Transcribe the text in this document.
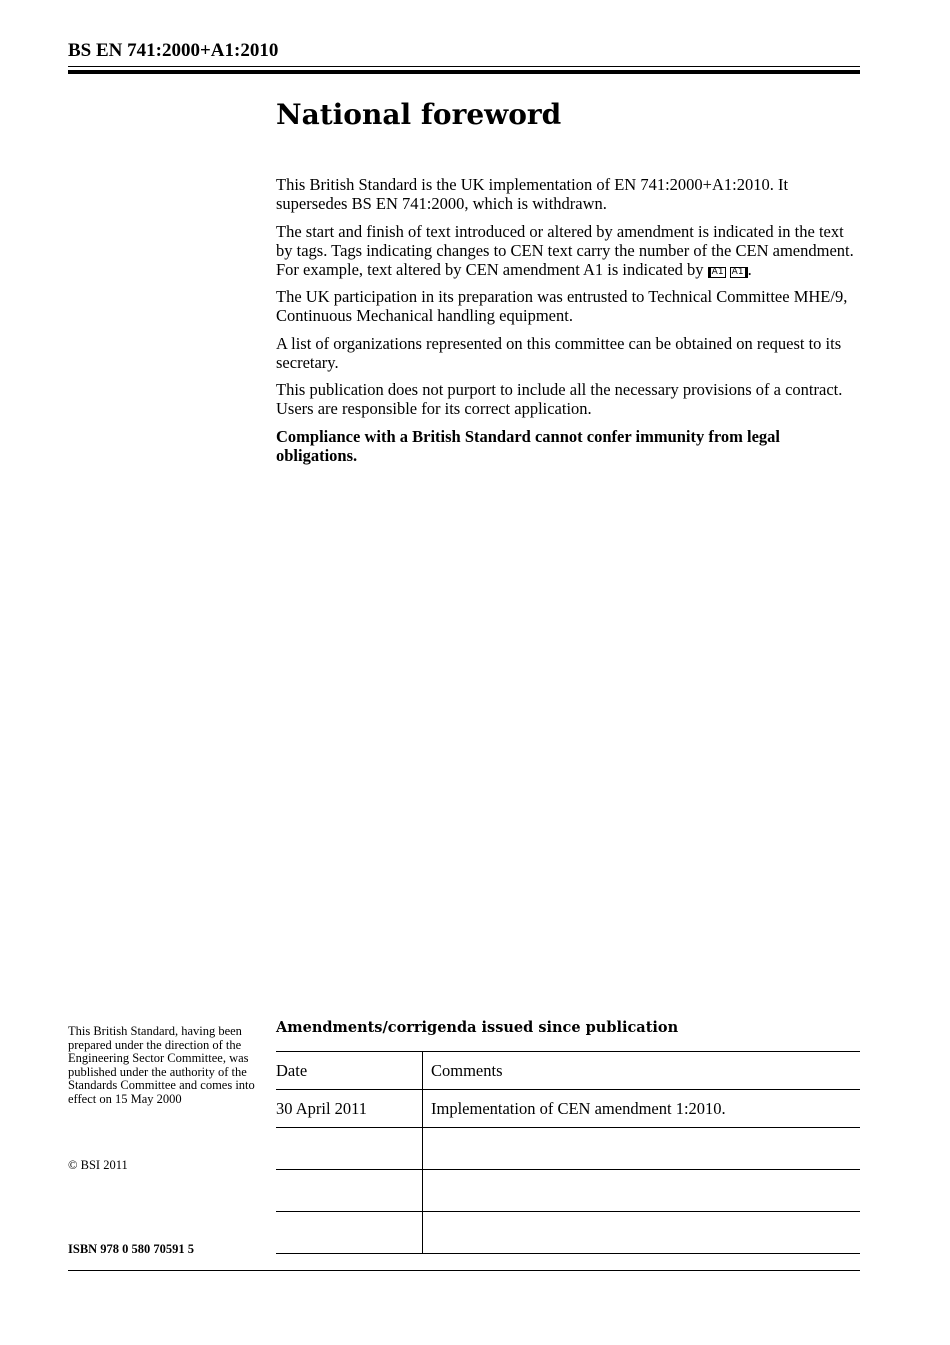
BS EN 741:2000+A1:2010
National foreword

This British Standard is the UK implementation of EN 741:2000+A1:2010. It supersedes BS EN 741:2000, which is withdrawn.

The start and finish of text introduced or altered by amendment is indicated in the text by tags. Tags indicating changes to CEN text carry the number of the CEN amendment. For example, text altered by CEN amendment A1 is indicated by A1 A1 .

The UK participation in its preparation was entrusted to Technical Committee MHE/9, Continuous Mechanical handling equipment.

A list of organizations represented on this committee can be obtained on request to its secretary.

This publication does not purport to include all the necessary provisions of a contract. Users are responsible for its correct application.

Compliance with a British Standard cannot confer immunity from legal obligations.

This British Standard, having been prepared under the direction of the Engineering Sector Committee, was published under the authority of the Standards Committee and comes into effect on 15 May 2000
© BSI 2011
ISBN 978 0 580 70591 5
Amendments/corrigenda issued since publication
Date	Comments
30 April 2011	Implementation of CEN amendment 1:2010.
